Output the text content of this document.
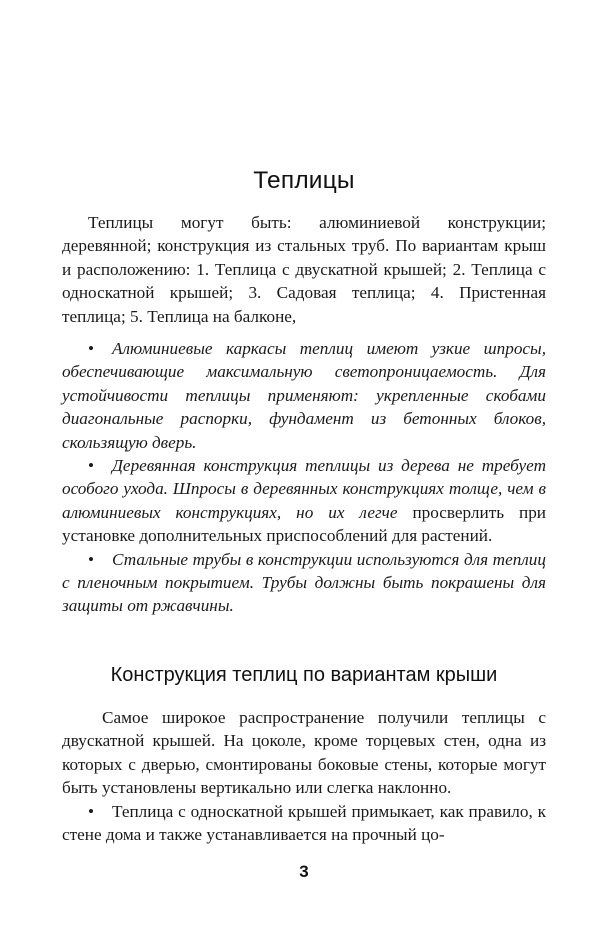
Теплицы

Теплицы могут быть: алюминиевой конструкции; деревянной; конструкция из стальных труб. По вариантам крыш и расположению: 1. Теплица с двускатной крышей; 2. Теплица с односкатной крышей; 3. Садовая теплица; 4. Пристенная теплица; 5. Теплица на балконе,

• Алюминиевые каркасы теплиц имеют узкие шпросы, обеспечивающие максимальную светопроницаемость. Для устойчивости теплицы применяют: укрепленные скобами диагональные распорки, фундамент из бетонных блоков, скользящую дверь.

• Деревянная конструкция теплицы из дерева не требует особого ухода. Шпросы в деревянных конструкциях толще, чем в алюминиевых конструкциях, но их легче просверлить при установке дополнительных приспособлений для растений.

• Стальные трубы в конструкции используются для теплиц с пленочным покрытием. Трубы должны быть покрашены для защиты от ржавчины.

Конструкция теплиц по вариантам крыши

Самое широкое распространение получили теплицы с двускатной крышей. На цоколе, кроме торцевых стен, одна из которых с дверью, смонтированы боковые стены, которые могут быть установлены вертикально или слегка наклонно.

• Теплица с односкатной крышей примыкает, как правило, к стене дома и также устанавливается на прочный цо-

3
